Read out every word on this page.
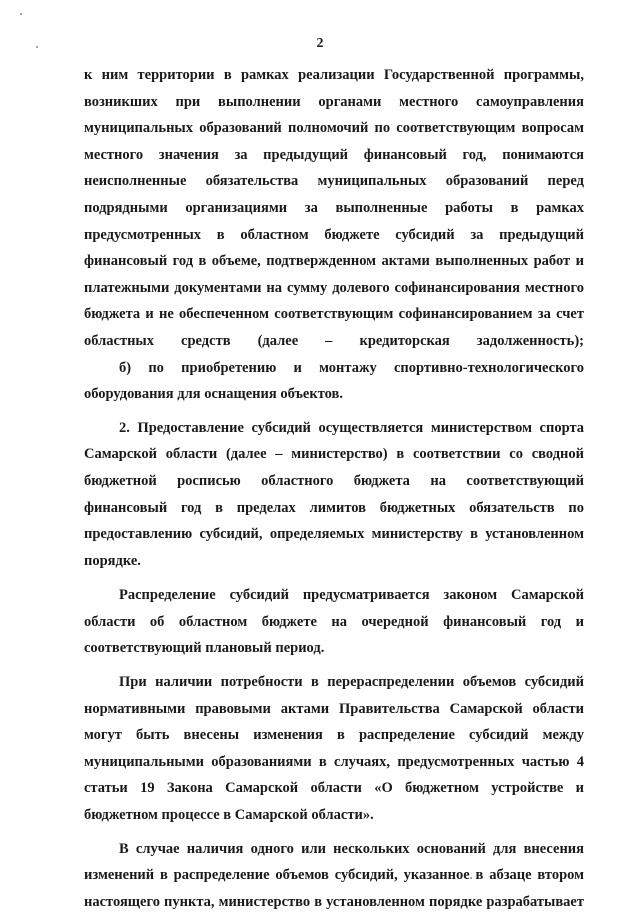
2

к ним территории в рамках реализации Государственной программы, возникших при выполнении органами местного самоуправления муниципальных образований полномочий по соответствующим вопросам местного значения за предыдущий финансовый год, понимаются неисполненные обязательства муниципальных образований перед подрядными организациями за выполненные работы в рамках предусмотренных в областном бюджете субсидий за предыдущий финансовый год в объеме, подтвержденном актами выполненных работ и платежными документами на сумму долевого софинансирования местного бюджета и не обеспеченном соответствующим софинансированием за счет областных средств (далее – кредиторская задолженность);

б) по приобретению и монтажу спортивно-технологического оборудования для оснащения объектов.

2. Предоставление субсидий осуществляется министерством спорта Самарской области (далее – министерство) в соответствии со сводной бюджетной росписью областного бюджета на соответствующий финансовый год в пределах лимитов бюджетных обязательств по предоставлению субсидий, определяемых министерству в установленном порядке.

Распределение субсидий предусматривается законом Самарской области об областном бюджете на очередной финансовый год и соответствующий плановый период.

При наличии потребности в перераспределении объемов субсидий нормативными правовыми актами Правительства Самарской области могут быть внесены изменения в распределение субсидий между муниципальными образованиями в случаях, предусмотренных частью 4 статьи 19 Закона Самарской области «О бюджетном устройстве и бюджетном процессе в Самарской области».

В случае наличия одного или нескольких оснований для внесения изменений в распределение объемов субсидий, указанное в абзаце втором настоящего пункта, министерство в установленном порядке разрабатывает
